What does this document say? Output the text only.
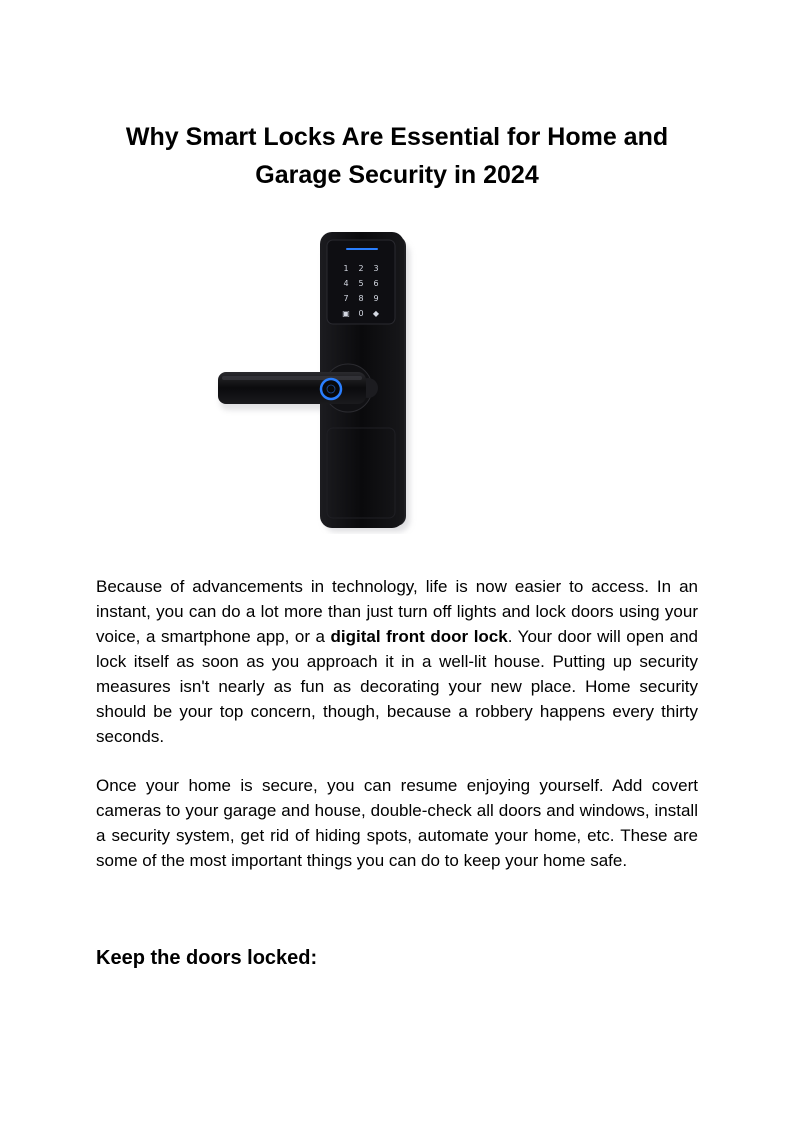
Why Smart Locks Are Essential for Home and Garage Security in 2024
1 2 3
4 5 6
7 8 9
0
▣	◆

Because of advancements in technology, life is now easier to access. In an instant, you can do a lot more than just turn off lights and lock doors using your voice, a smartphone app, or a digital front door lock. Your door will open and lock itself as soon as you approach it in a well-lit house. Putting up security measures isn't nearly as fun as decorating your new place. Home security should be your top concern, though, because a robbery happens every thirty seconds.

Once your home is secure, you can resume enjoying yourself. Add covert cameras to your garage and house, double-check all doors and windows, install a security system, get rid of hiding spots, automate your home, etc. These are some of the most important things you can do to keep your home safe.

Keep the doors locked:
